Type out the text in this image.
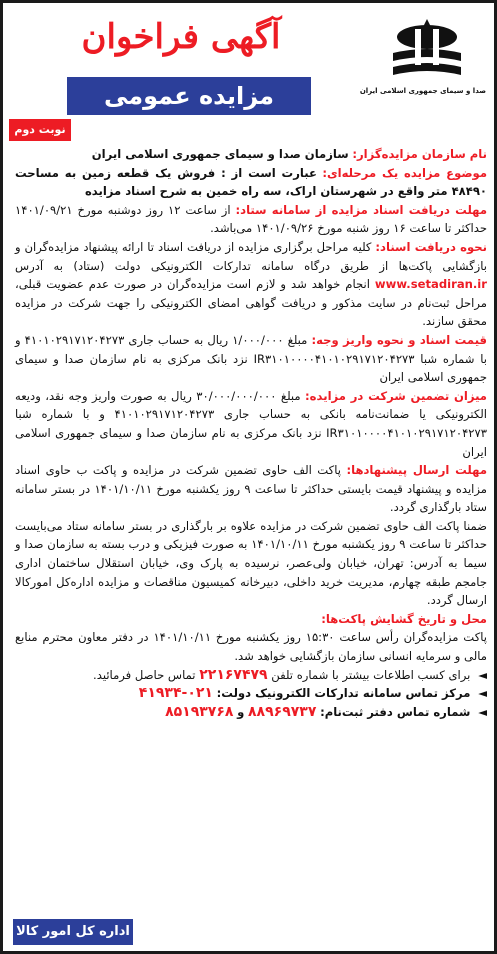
آگهی فراخوان
مزایده عمومی	صدا و سیمای جمهوری اسلامی ایران
نوبت دوم

نام سازمان مزایده‌گزار: سازمان صدا و سیمای جمهوری اسلامی ایران

موضوع مزایده یک مرحله‌ای: عبارت است از : فروش یک قطعه زمین به مساحت ۴۸۴۹۰ متر واقع در شهرستان اراک، سه راه خمین به شرح اسناد مزایده

مهلت دریافت اسناد مزایده از سامانه ستاد: از ساعت ۱۲ روز دوشنبه مورخ ۱۴۰۱/۰۹/۲۱ حداکثر تا ساعت ۱۶ روز شنبه مورخ ۱۴۰۱/۰۹/۲۶ می‌باشد.

نحوه دریافت اسناد: کلیه مراحل برگزاری مزایده از دریافت اسناد تا ارائه پیشنهاد مزایده‌گران و بازگشایی پاکت‌ها از طریق درگاه سامانه تدارکات الکترونیکی دولت (ستاد) به آدرس www.setadiran.ir انجام خواهد شد و لازم است مزایده‌گران در صورت عدم عضویت قبلی، مراحل ثبت‌نام در سایت مذکور و دریافت گواهی امضای الکترونیکی را جهت شرکت در مزایده محقق سازند.

قیمت اسناد و نحوه واریز وجه: مبلغ ۱/۰۰۰/۰۰۰ ریال به حساب جاری ۴۱۰۱۰۲۹۱۷۱۲۰۴۲۷۳ و با شماره شبا IR۳۱۰۱۰۰۰۰۴۱۰۱۰۲۹۱۷۱۲۰۴۲۷۳ نزد بانک مرکزی به نام سازمان صدا و سیمای جمهوری اسلامی ایران

میزان تضمین شرکت در مزایده: مبلغ ۳۰/۰۰۰/۰۰۰/۰۰۰ ریال به صورت واریز وجه نقد، ودیعه الکترونیکی یا ضمانت‌نامه بانکی به حساب جاری ۴۱۰۱۰۲۹۱۷۱۲۰۴۲۷۳ و با شماره شبا IR۳۱۰۱۰۰۰۰۴۱۰۱۰۲۹۱۷۱۲۰۴۲۷۳ نزد بانک مرکزی به نام سازمان صدا و سیمای جمهوری اسلامی ایران

مهلت ارسال پیشنهادها: پاکت الف حاوی تضمین شرکت در مزایده و پاکت ب حاوی اسناد مزایده و پیشنهاد قیمت بایستی حداکثر تا ساعت ۹ روز یکشنبه مورخ ۱۴۰۱/۱۰/۱۱ در بستر سامانه ستاد بارگذاری گردد.

ضمنا پاکت الف حاوی تضمین شرکت در مزایده علاوه بر بارگذاری در بستر سامانه ستاد می‌بایست حداکثر تا ساعت ۹ روز یکشنبه مورخ ۱۴۰۱/۱۰/۱۱ به صورت فیزیکی و درب بسته به سازمان صدا و سیما به آدرس: تهران، خیابان ولی‌عصر، نرسیده به پارک وی، خیابان استقلال ساختمان اداری جامجم طبقه چهارم، مدیریت خرید داخلی، دبیرخانه کمیسیون مناقصات و مزایده اداره‌کل امورکالا ارسال گردد.

محل و تاریخ گشایش پاکت‌ها:
پاکت مزایده‌گران رأس ساعت ۱۵:۳۰ روز یکشنبه مورخ ۱۴۰۱/۱۰/۱۱ در دفتر معاون محترم منابع مالی و سرمایه انسانی سازمان بازگشایی خواهد شد.

◄ برای کسب اطلاعات بیشتر با شماره تلفن ۲۲۱۶۷۴۷۹ تماس حاصل فرمائید.

◄ مرکز تماس سامانه تدارکات الکترونیک دولت: ۰۲۱-۴۱۹۳۴

◄ شماره تماس دفتر ثبت‌نام: ۸۸۹۶۹۷۳۷ و ۸۵۱۹۳۷۶۸

اداره کل امور کالا
